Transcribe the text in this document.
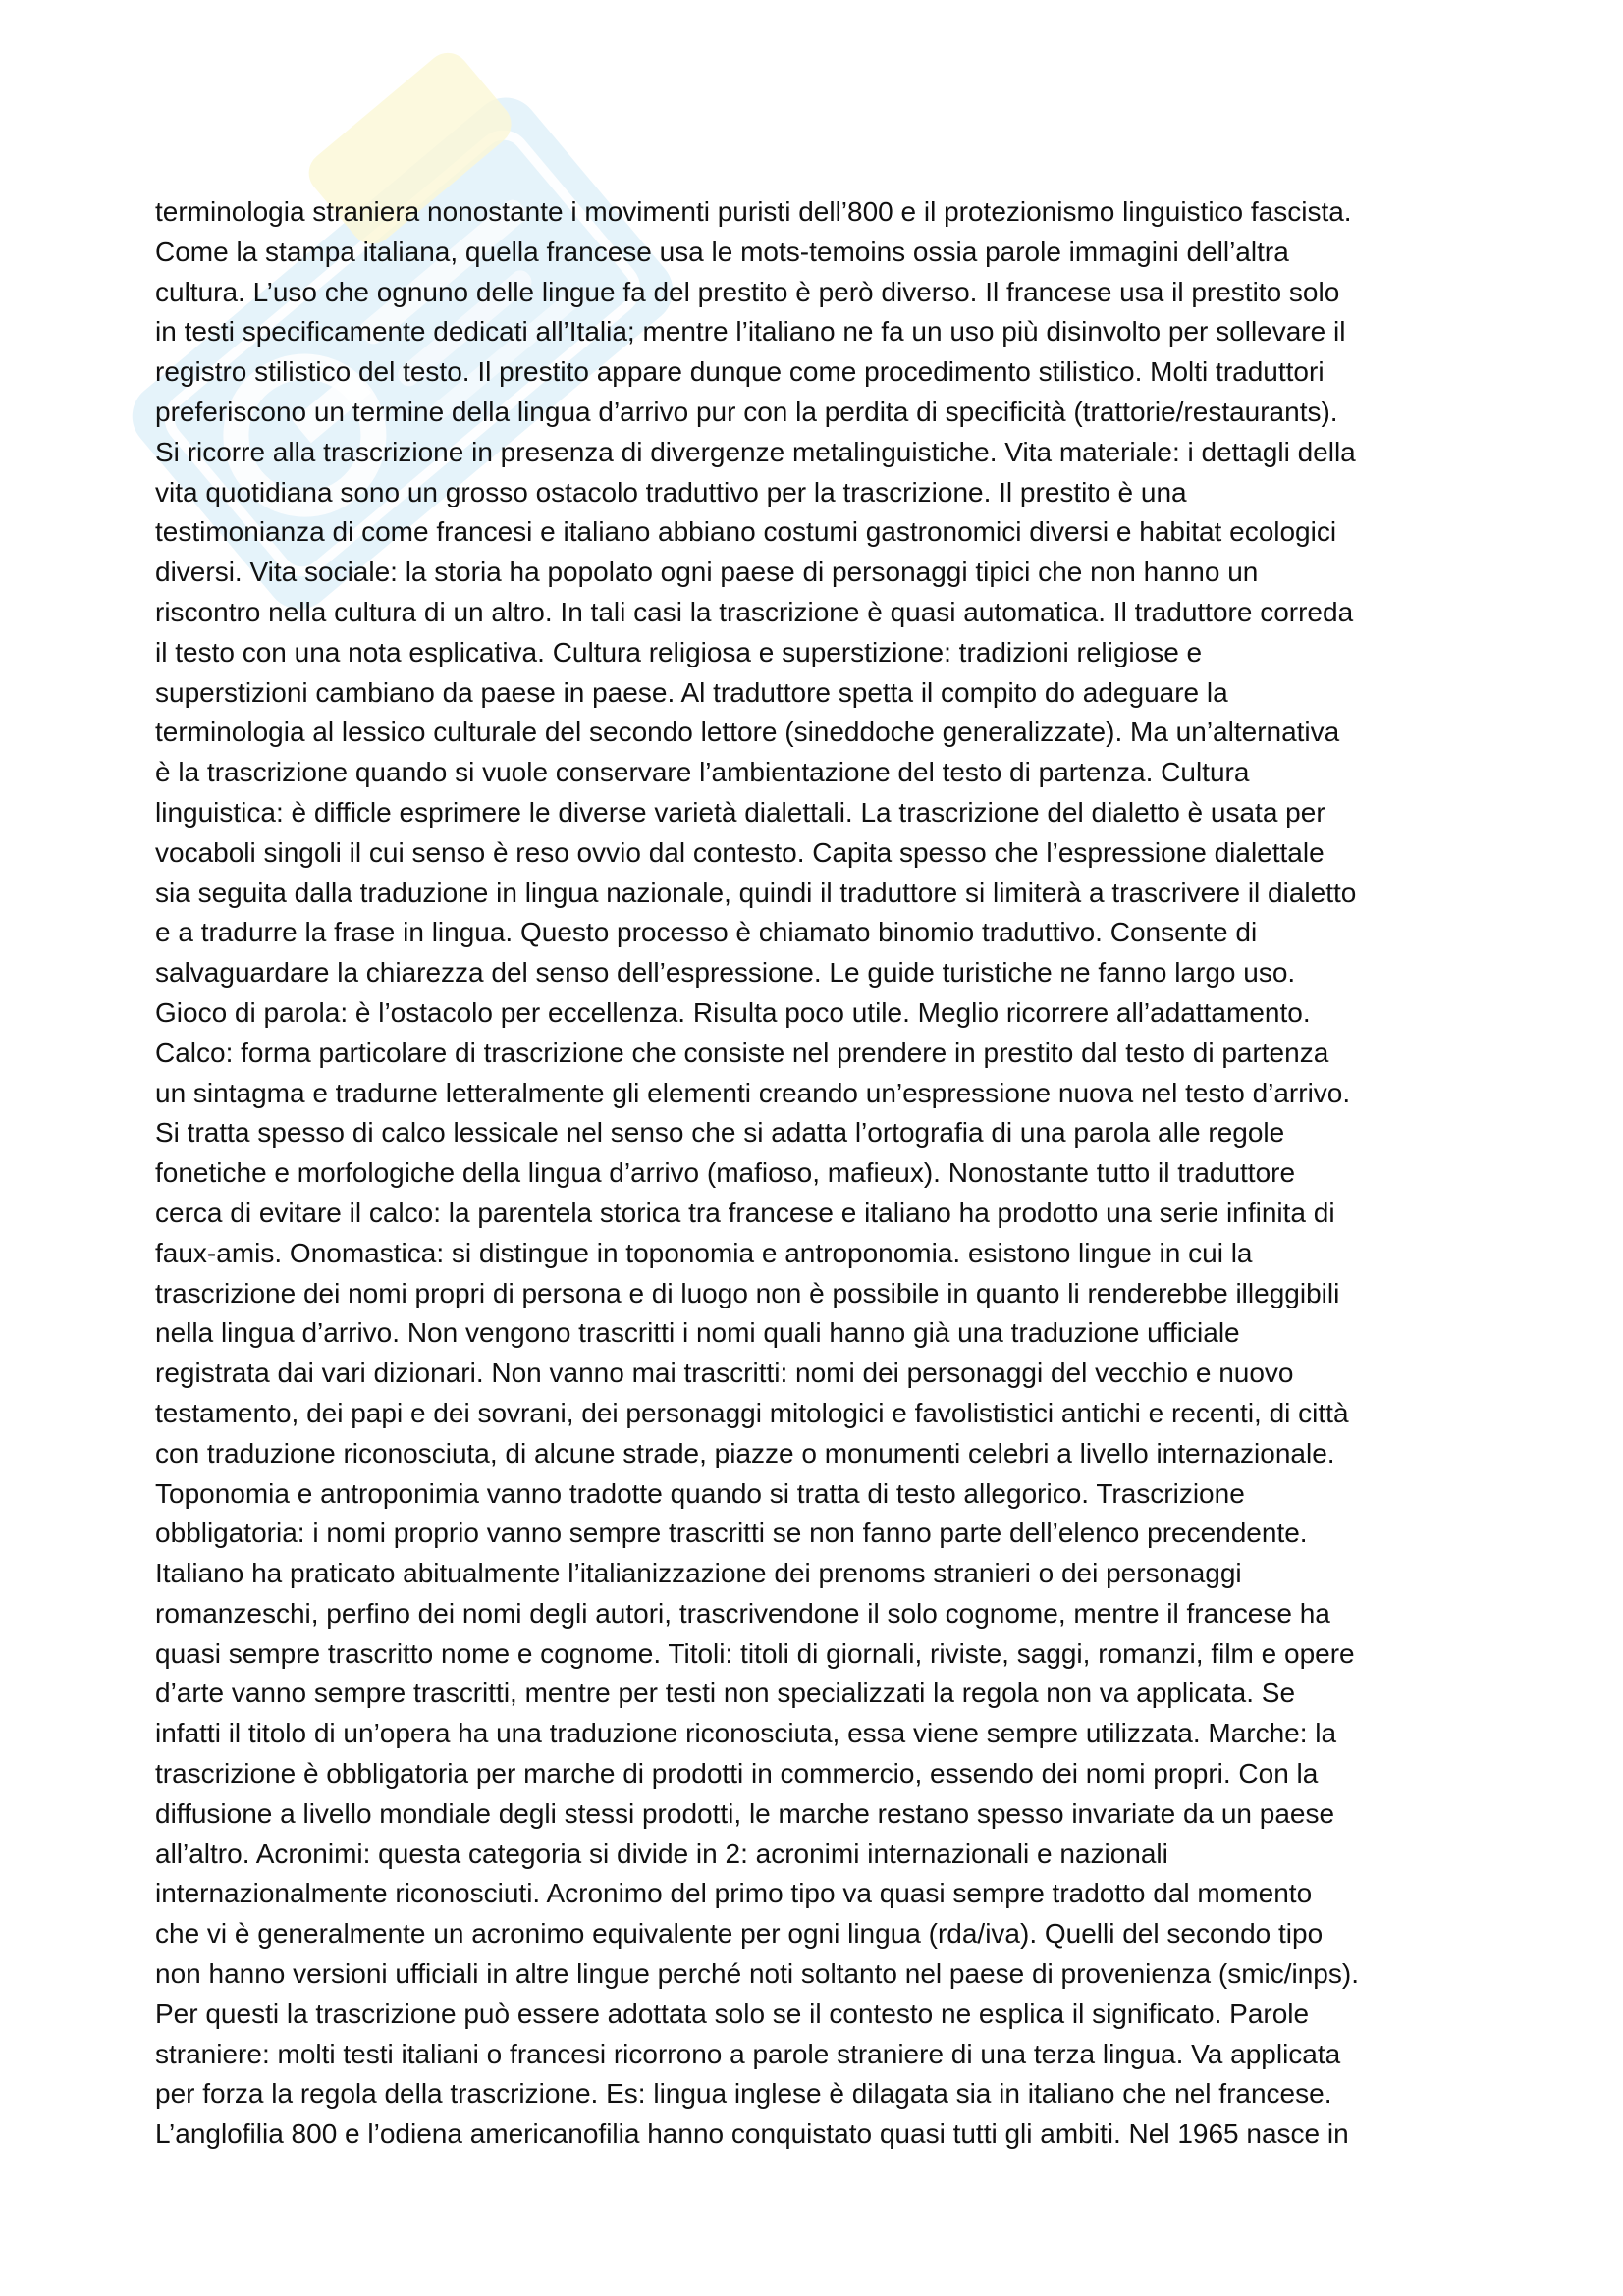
terminologia straniera nonostante i movimenti puristi dell’800 e il protezionismo linguistico fascista.
Come la stampa italiana, quella francese usa le mots-temoins ossia parole immagini dell’altra
cultura. L’uso che ognuno delle lingue fa del prestito è però diverso. Il francese usa il prestito solo
in testi specificamente dedicati all’Italia; mentre l’italiano ne fa un uso più disinvolto per sollevare il
registro stilistico del testo. Il prestito appare dunque come procedimento stilistico. Molti traduttori
preferiscono un termine della lingua d’arrivo pur con la perdita di specificità (trattorie/restaurants).
Si ricorre alla trascrizione in presenza di divergenze metalinguistiche. Vita materiale: i dettagli della
vita quotidiana sono un grosso ostacolo traduttivo per la trascrizione. Il prestito è una
testimonianza di come francesi e italiano abbiano costumi gastronomici diversi e habitat ecologici
diversi. Vita sociale: la storia ha popolato ogni paese di personaggi tipici che non hanno un
riscontro nella cultura di un altro. In tali casi la trascrizione è quasi automatica. Il traduttore correda
il testo con una nota esplicativa. Cultura religiosa e superstizione: tradizioni religiose e
superstizioni cambiano da paese in paese. Al traduttore spetta il compito do adeguare la
terminologia al lessico culturale del secondo lettore (sineddoche generalizzate). Ma un’alternativa
è la trascrizione quando si vuole conservare l’ambientazione del testo di partenza. Cultura
linguistica: è difficle esprimere le diverse varietà dialettali. La trascrizione del dialetto è usata per
vocaboli singoli il cui senso è reso ovvio dal contesto. Capita spesso che l’espressione dialettale
sia seguita dalla traduzione in lingua nazionale, quindi il traduttore si limiterà a trascrivere il dialetto
e a tradurre la frase in lingua. Questo processo è chiamato binomio traduttivo. Consente di
salvaguardare la chiarezza del senso dell’espressione. Le guide turistiche ne fanno largo uso.
Gioco di parola: è l’ostacolo per eccellenza. Risulta poco utile. Meglio ricorrere all’adattamento.
Calco: forma particolare di trascrizione che consiste nel prendere in prestito dal testo di partenza
un sintagma e tradurne letteralmente gli elementi creando un’espressione nuova nel testo d’arrivo.
Si tratta spesso di calco lessicale nel senso che si adatta l’ortografia di una parola alle regole
fonetiche e morfologiche della lingua d’arrivo (mafioso, mafieux). Nonostante tutto il traduttore
cerca di evitare il calco: la parentela storica tra francese e italiano ha prodotto una serie infinita di
faux-amis. Onomastica: si distingue in toponomia e antroponomia. esistono lingue in cui la
trascrizione dei nomi propri di persona e di luogo non è possibile in quanto li renderebbe illeggibili
nella lingua d’arrivo. Non vengono trascritti i nomi quali hanno già una traduzione ufficiale
registrata dai vari dizionari. Non vanno mai trascritti: nomi dei personaggi del vecchio e nuovo
testamento, dei papi e dei sovrani, dei personaggi mitologici e favolististici antichi e recenti, di città
con traduzione riconosciuta, di alcune strade, piazze o monumenti celebri a livello internazionale.
Toponomia e antroponimia vanno tradotte quando si tratta di testo allegorico. Trascrizione
obbligatoria: i nomi proprio vanno sempre trascritti se non fanno parte dell’elenco precendente.
Italiano ha praticato abitualmente l’italianizzazione dei prenoms stranieri o dei personaggi
romanzeschi, perfino dei nomi degli autori, trascrivendone il solo cognome, mentre il francese ha
quasi sempre trascritto nome e cognome. Titoli: titoli di giornali, riviste, saggi, romanzi, film e opere
d’arte vanno sempre trascritti, mentre per testi non specializzati la regola non va applicata. Se
infatti il titolo di un’opera ha una traduzione riconosciuta, essa viene sempre utilizzata. Marche: la
trascrizione è obbligatoria per marche di prodotti in commercio, essendo dei nomi propri. Con la
diffusione a livello mondiale degli stessi prodotti, le marche restano spesso invariate da un paese
all’altro. Acronimi: questa categoria si divide in 2: acronimi internazionali e nazionali
internazionalmente riconosciuti. Acronimo del primo tipo va quasi sempre tradotto dal momento
che vi è generalmente un acronimo equivalente per ogni lingua (rda/iva). Quelli del secondo tipo
non hanno versioni ufficiali in altre lingue perché noti soltanto nel paese di provenienza (smic/inps).
Per questi la trascrizione può essere adottata solo se il contesto ne esplica il significato. Parole
straniere: molti testi italiani o francesi ricorrono a parole straniere di una terza lingua. Va applicata
per forza la regola della trascrizione. Es: lingua inglese è dilagata sia in italiano che nel francese.
L’anglofilia 800 e l’odiena americanofilia hanno conquistato quasi tutti gli ambiti. Nel 1965 nasce in
